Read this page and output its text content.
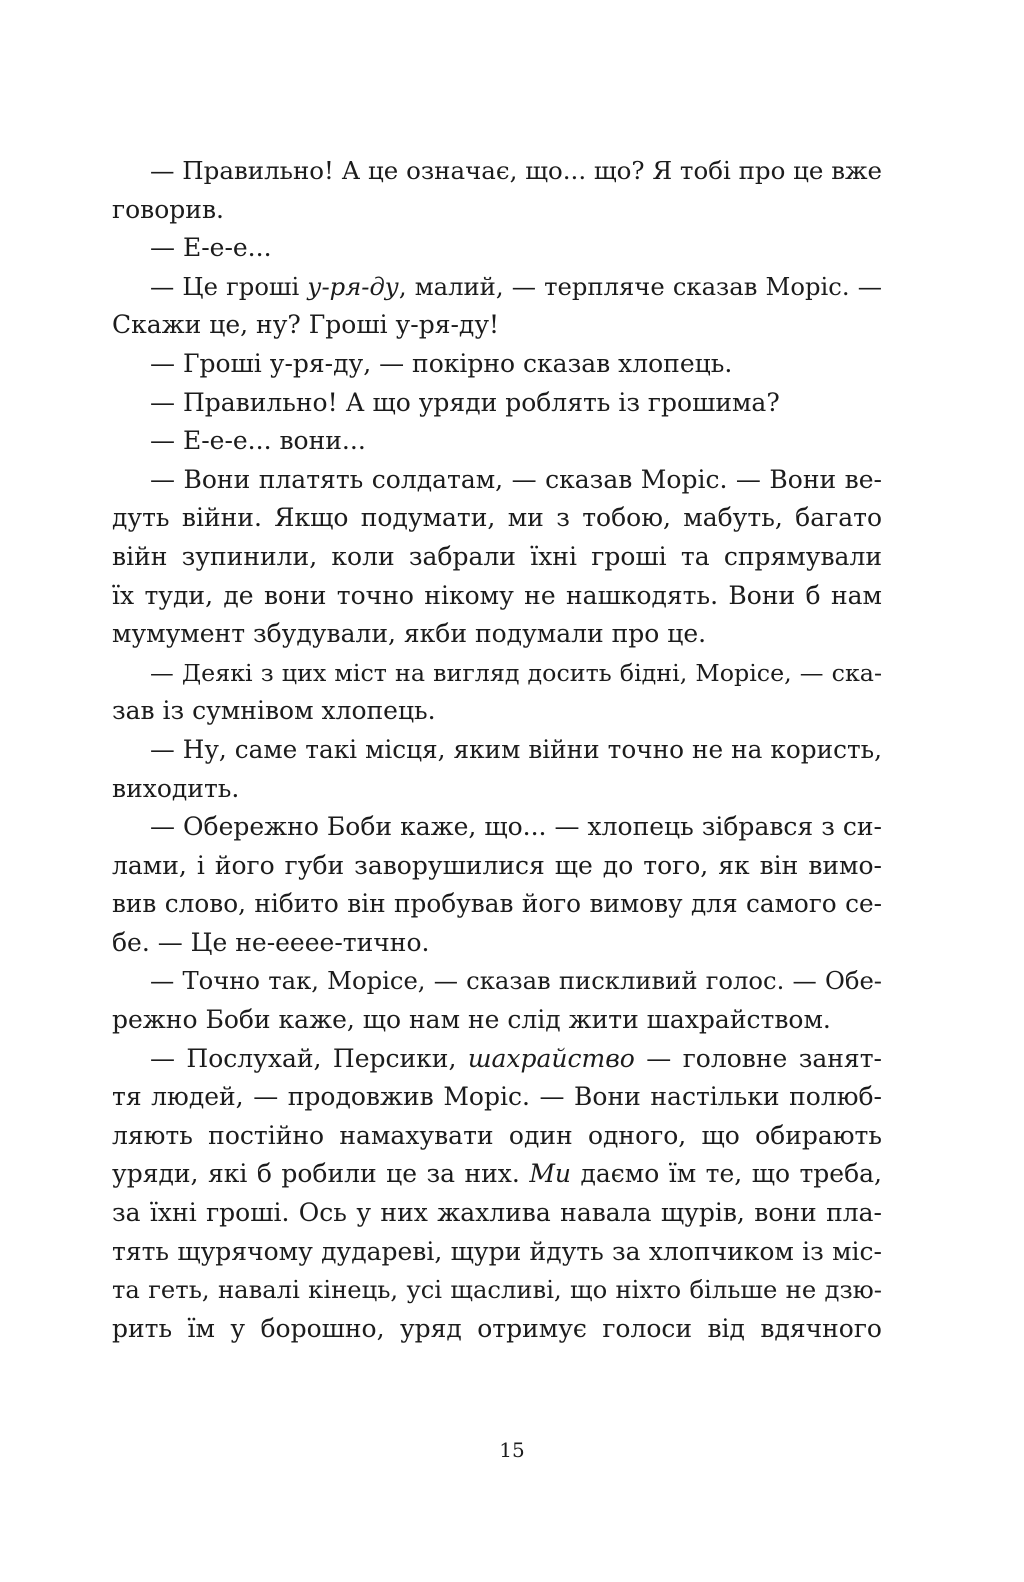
— Правильно! А це означає, що... що? Я тобі про це вже
говорив.
— Е-е-е...
— Це гроші у-ря-ду, малий, — терпляче сказав Моріс. —
Скажи це, ну? Гроші у-ря-ду!
— Гроші у-ря-ду, — покірно сказав хлопець.
— Правильно! А що уряди роблять із грошима?
— Е-е-е... вони...
— Вони платять солдатам, — сказав Моріс. — Вони ве-
дуть війни. Якщо подумати, ми з тобою, мабуть, багато
війн зупинили, коли забрали їхні гроші та спрямували
їх туди, де вони точно нікому не нашкодять. Вони б нам
мумумент збудували, якби подумали про це.
— Деякі з цих міст на вигляд досить бідні, Морісе, — ска-
зав із сумнівом хлопець.
— Ну, саме такі місця, яким війни точно не на користь,
виходить.
— Обережно Боби каже, що... — хлопець зібрався з си-
лами, і його губи заворушилися ще до того, як він вимо-
вив слово, нібито він пробував його вимову для самого се-
бе. — Це не-еееe-тично.
— Точно так, Морісе, — сказав пискливий голос. — Обе-
режно Боби каже, що нам не слід жити шахрайством.
— Послухай, Персики, шахрайство — головне занят-
тя людей, — продовжив Моріс. — Вони настільки полюб-
ляють постійно намахувати один одного, що обирають
уряди, які б робили це за них. Ми даємо їм те, що треба,
за їхні гроші. Ось у них жахлива навала щурів, вони пла-
тять щурячому дудареві, щури йдуть за хлопчиком із міс-
та геть, навалі кінець, усі щасливі, що ніхто більше не дзю-
рить їм у борошно, уряд отримує голоси від вдячного
15
